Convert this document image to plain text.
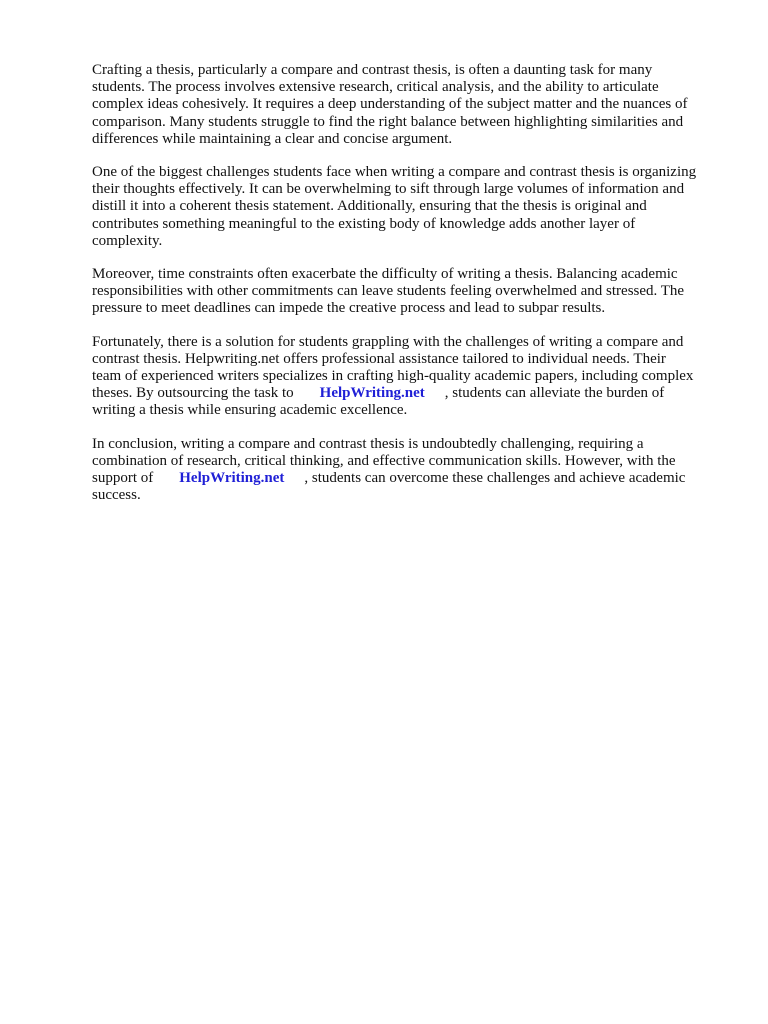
Crafting a thesis, particularly a compare and contrast thesis, is often a daunting task for many
students. The process involves extensive research, critical analysis, and the ability to articulate
complex ideas cohesively. It requires a deep understanding of the subject matter and the nuances of
comparison. Many students struggle to find the right balance between highlighting similarities and
differences while maintaining a clear and concise argument.

One of the biggest challenges students face when writing a compare and contrast thesis is organizing
their thoughts effectively. It can be overwhelming to sift through large volumes of information and
distill it into a coherent thesis statement. Additionally, ensuring that the thesis is original and
contributes something meaningful to the existing body of knowledge adds another layer of
complexity.

Moreover, time constraints often exacerbate the difficulty of writing a thesis. Balancing academic
responsibilities with other commitments can leave students feeling overwhelmed and stressed. The
pressure to meet deadlines can impede the creative process and lead to subpar results.

Fortunately, there is a solution for students grappling with the challenges of writing a compare and
contrast thesis. Helpwriting.net offers professional assistance tailored to individual needs. Their
team of experienced writers specializes in crafting high-quality academic papers, including complex
theses. By outsourcing the task to HelpWriting.net , students can alleviate the burden of
writing a thesis while ensuring academic excellence.

In conclusion, writing a compare and contrast thesis is undoubtedly challenging, requiring a
combination of research, critical thinking, and effective communication skills. However, with the
support of HelpWriting.net , students can overcome these challenges and achieve academic
success.
